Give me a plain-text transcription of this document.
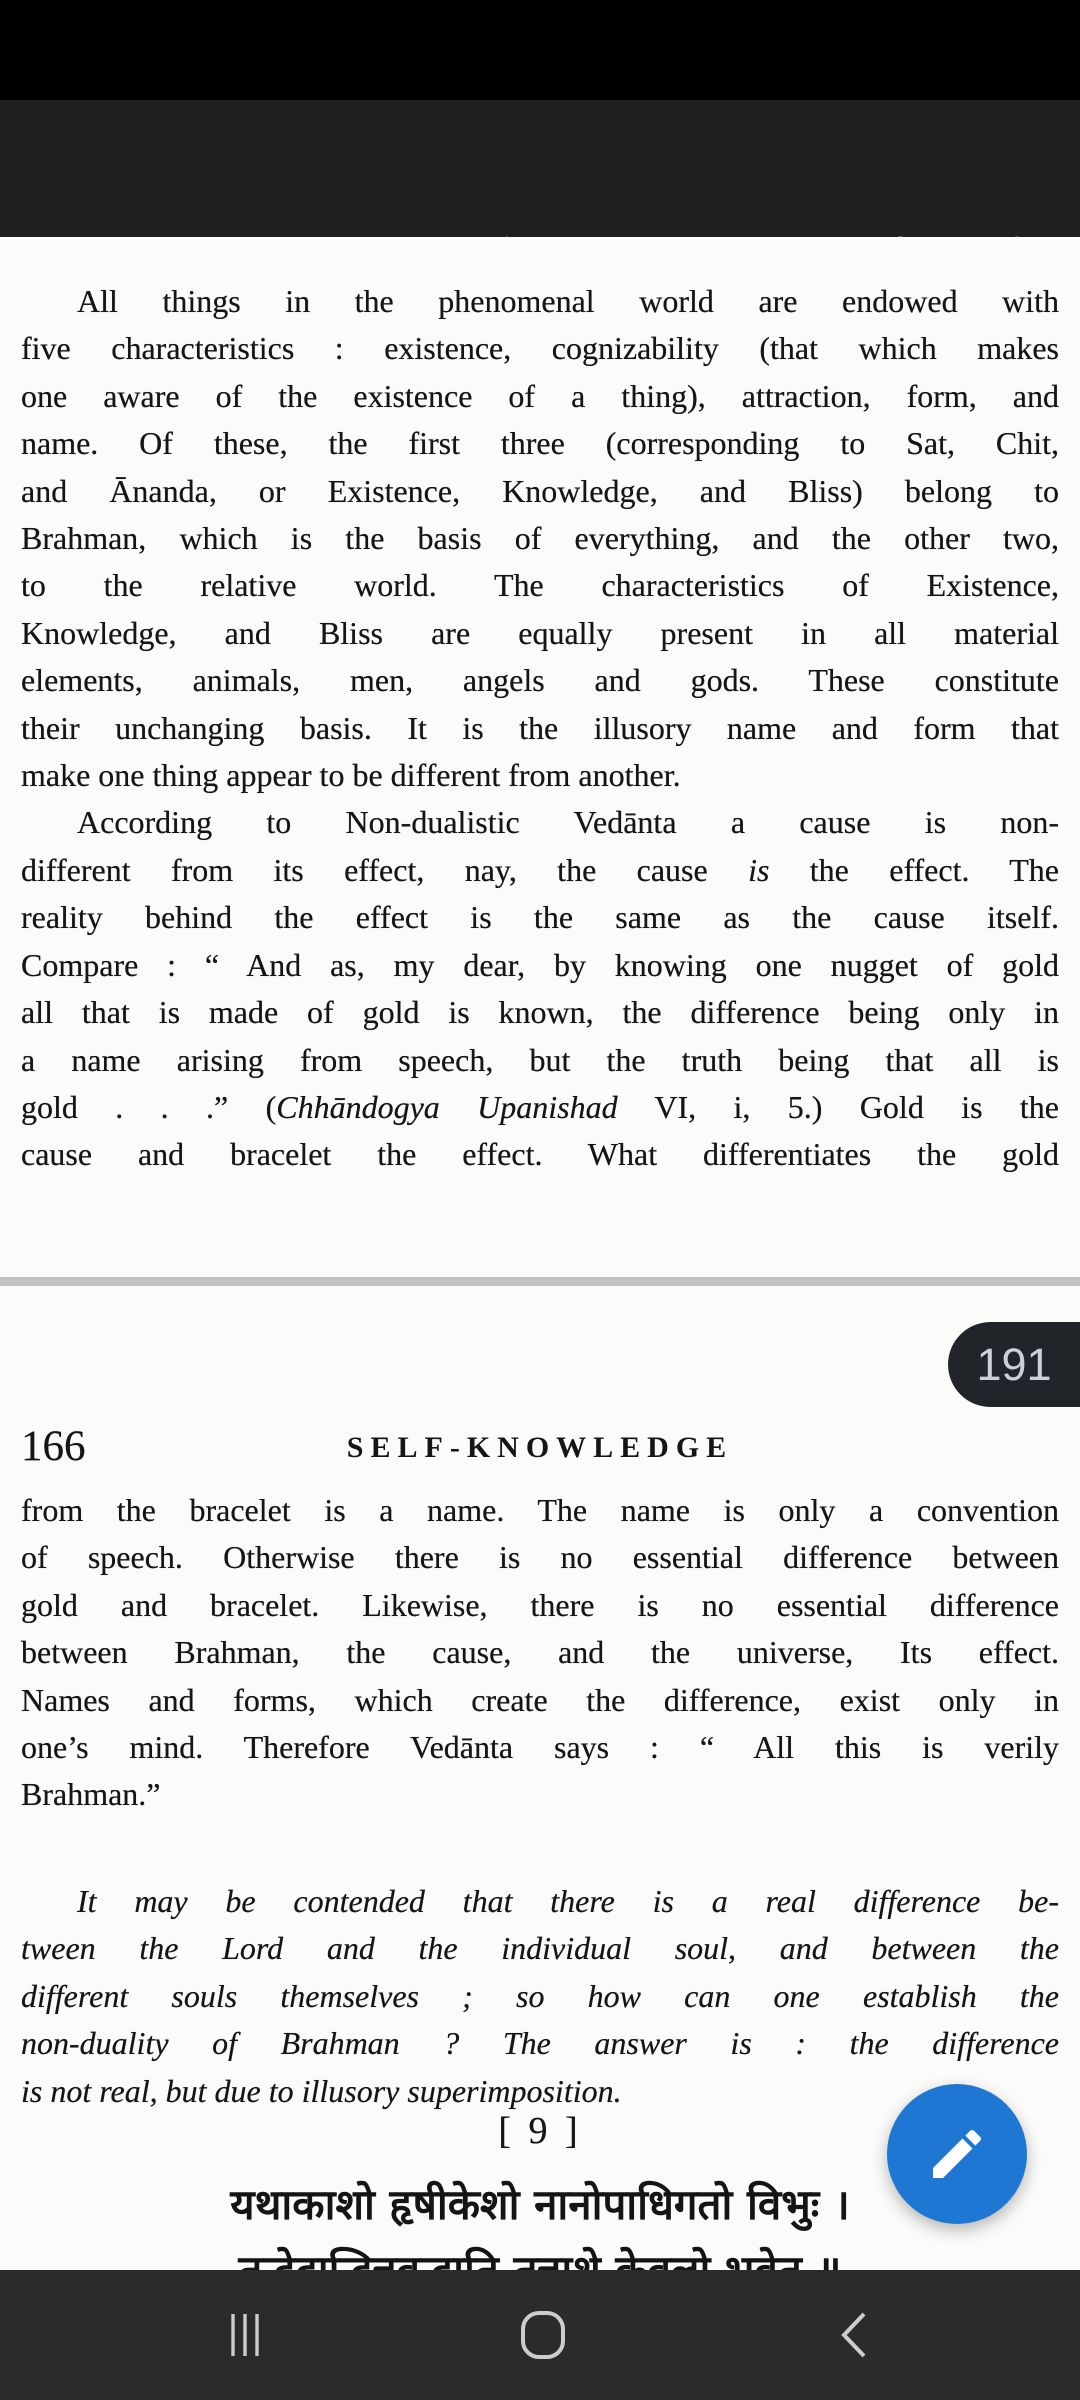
All things in the phenomenal world are endowed with
five characteristics : existence, cognizability (that which makes
one aware of the existence of a thing), attraction, form, and
name. Of these, the first three (corresponding to Sat, Chit,
and Ānanda, or Existence, Knowledge, and Bliss) belong to
Brahman, which is the basis of everything, and the other two,
to the relative world. The characteristics of Existence,
Knowledge, and Bliss are equally present in all material
elements, animals, men, angels and gods. These constitute
their unchanging basis. It is the illusory name and form that
make one thing appear to be different from another.
According to Non-dualistic Vedānta a cause is non-
different from its effect, nay, the cause is the effect. The
reality behind the effect is the same as the cause itself.
Compare : “ And as, my dear, by knowing one nugget of gold
all that is made of gold is known, the difference being only in
a name arising from speech, but the truth being that all is
gold . . .” (Chhāndogya Upanishad VI, i, 5.) Gold is the
cause and bracelet the effect. What differentiates the gold
191
166	SELF-KNOWLEDGE
from the bracelet is a name. The name is only a convention
of speech. Otherwise there is no essential difference between
gold and bracelet. Likewise, there is no essential difference
between Brahman, the cause, and the universe, Its effect.
Names and forms, which create the difference, exist only in
one’s mind. Therefore Vedānta says : “ All this is verily
Brahman.”
It may be contended that there is a real difference be-
tween the Lord and the individual soul, and between the
different souls themselves ; so how can one establish the
non-duality of Brahman ? The answer is : the difference
is not real, but due to illusory superimposition.
[ 9 ]
यथाकाशो हृषीकेशो नानोपाधिगतो विभुः ।
